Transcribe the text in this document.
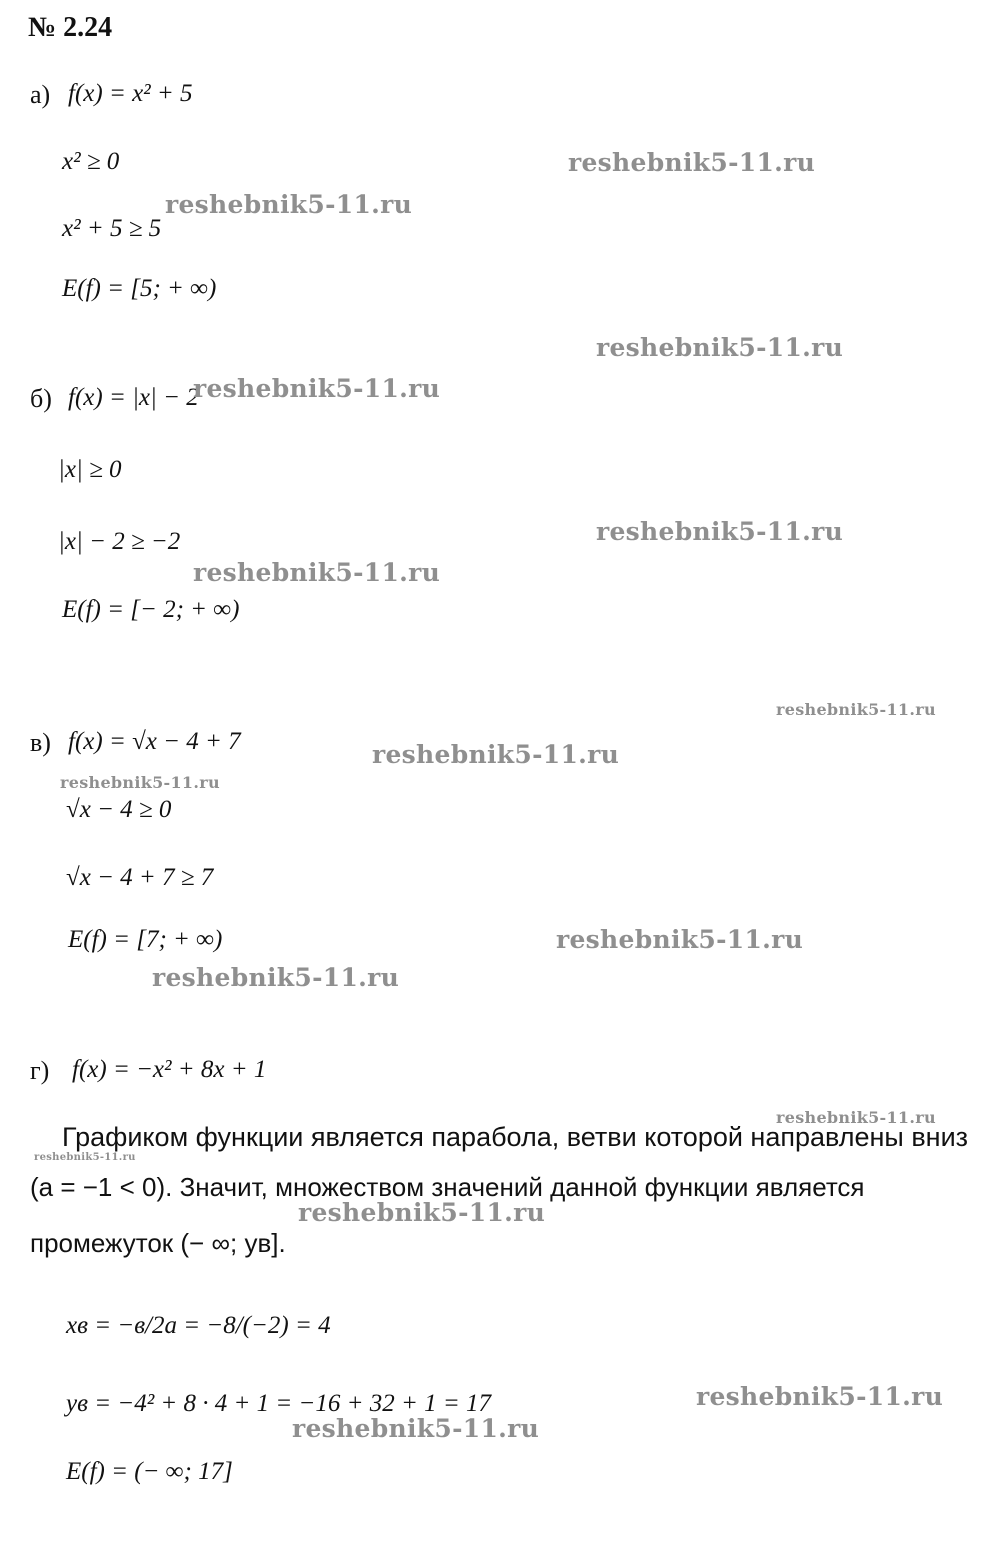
№ 2.24
а) f(x) = x² + 5
x² ≥ 0
x² + 5 ≥ 5
E(f) = [5; + ∞)
б) f(x) = |x| − 2
|x| ≥ 0
|x| − 2 ≥ −2
E(f) = [− 2; + ∞)
в) f(x) = √x − 4 + 7
√x − 4 ≥ 0
√x − 4 + 7 ≥ 7
E(f) = [7; + ∞)
г) f(x) = −x² + 8x + 1
Графиком функции является парабола, ветви которой направлены вниз
(a = −1 < 0). Значит, множеством значений данной функции является
промежуток (− ∞; yв].
xв = −в/2a = −8/(−2) = 4
yв = −4² + 8 · 4 + 1 = −16 + 32 + 1 = 17
E(f) = (− ∞; 17]
reshebnik5-11.ru
reshebnik5-11.ru
reshebnik5-11.ru
reshebnik5-11.ru
reshebnik5-11.ru
reshebnik5-11.ru
reshebnik5-11.ru
reshebnik5-11.ru
reshebnik5-11.ru
reshebnik5-11.ru
reshebnik5-11.ru
reshebnik5-11.ru
reshebnik5-11.ru
reshebnik5-11.ru
reshebnik5-11.ru
reshebnik5-11.ru
